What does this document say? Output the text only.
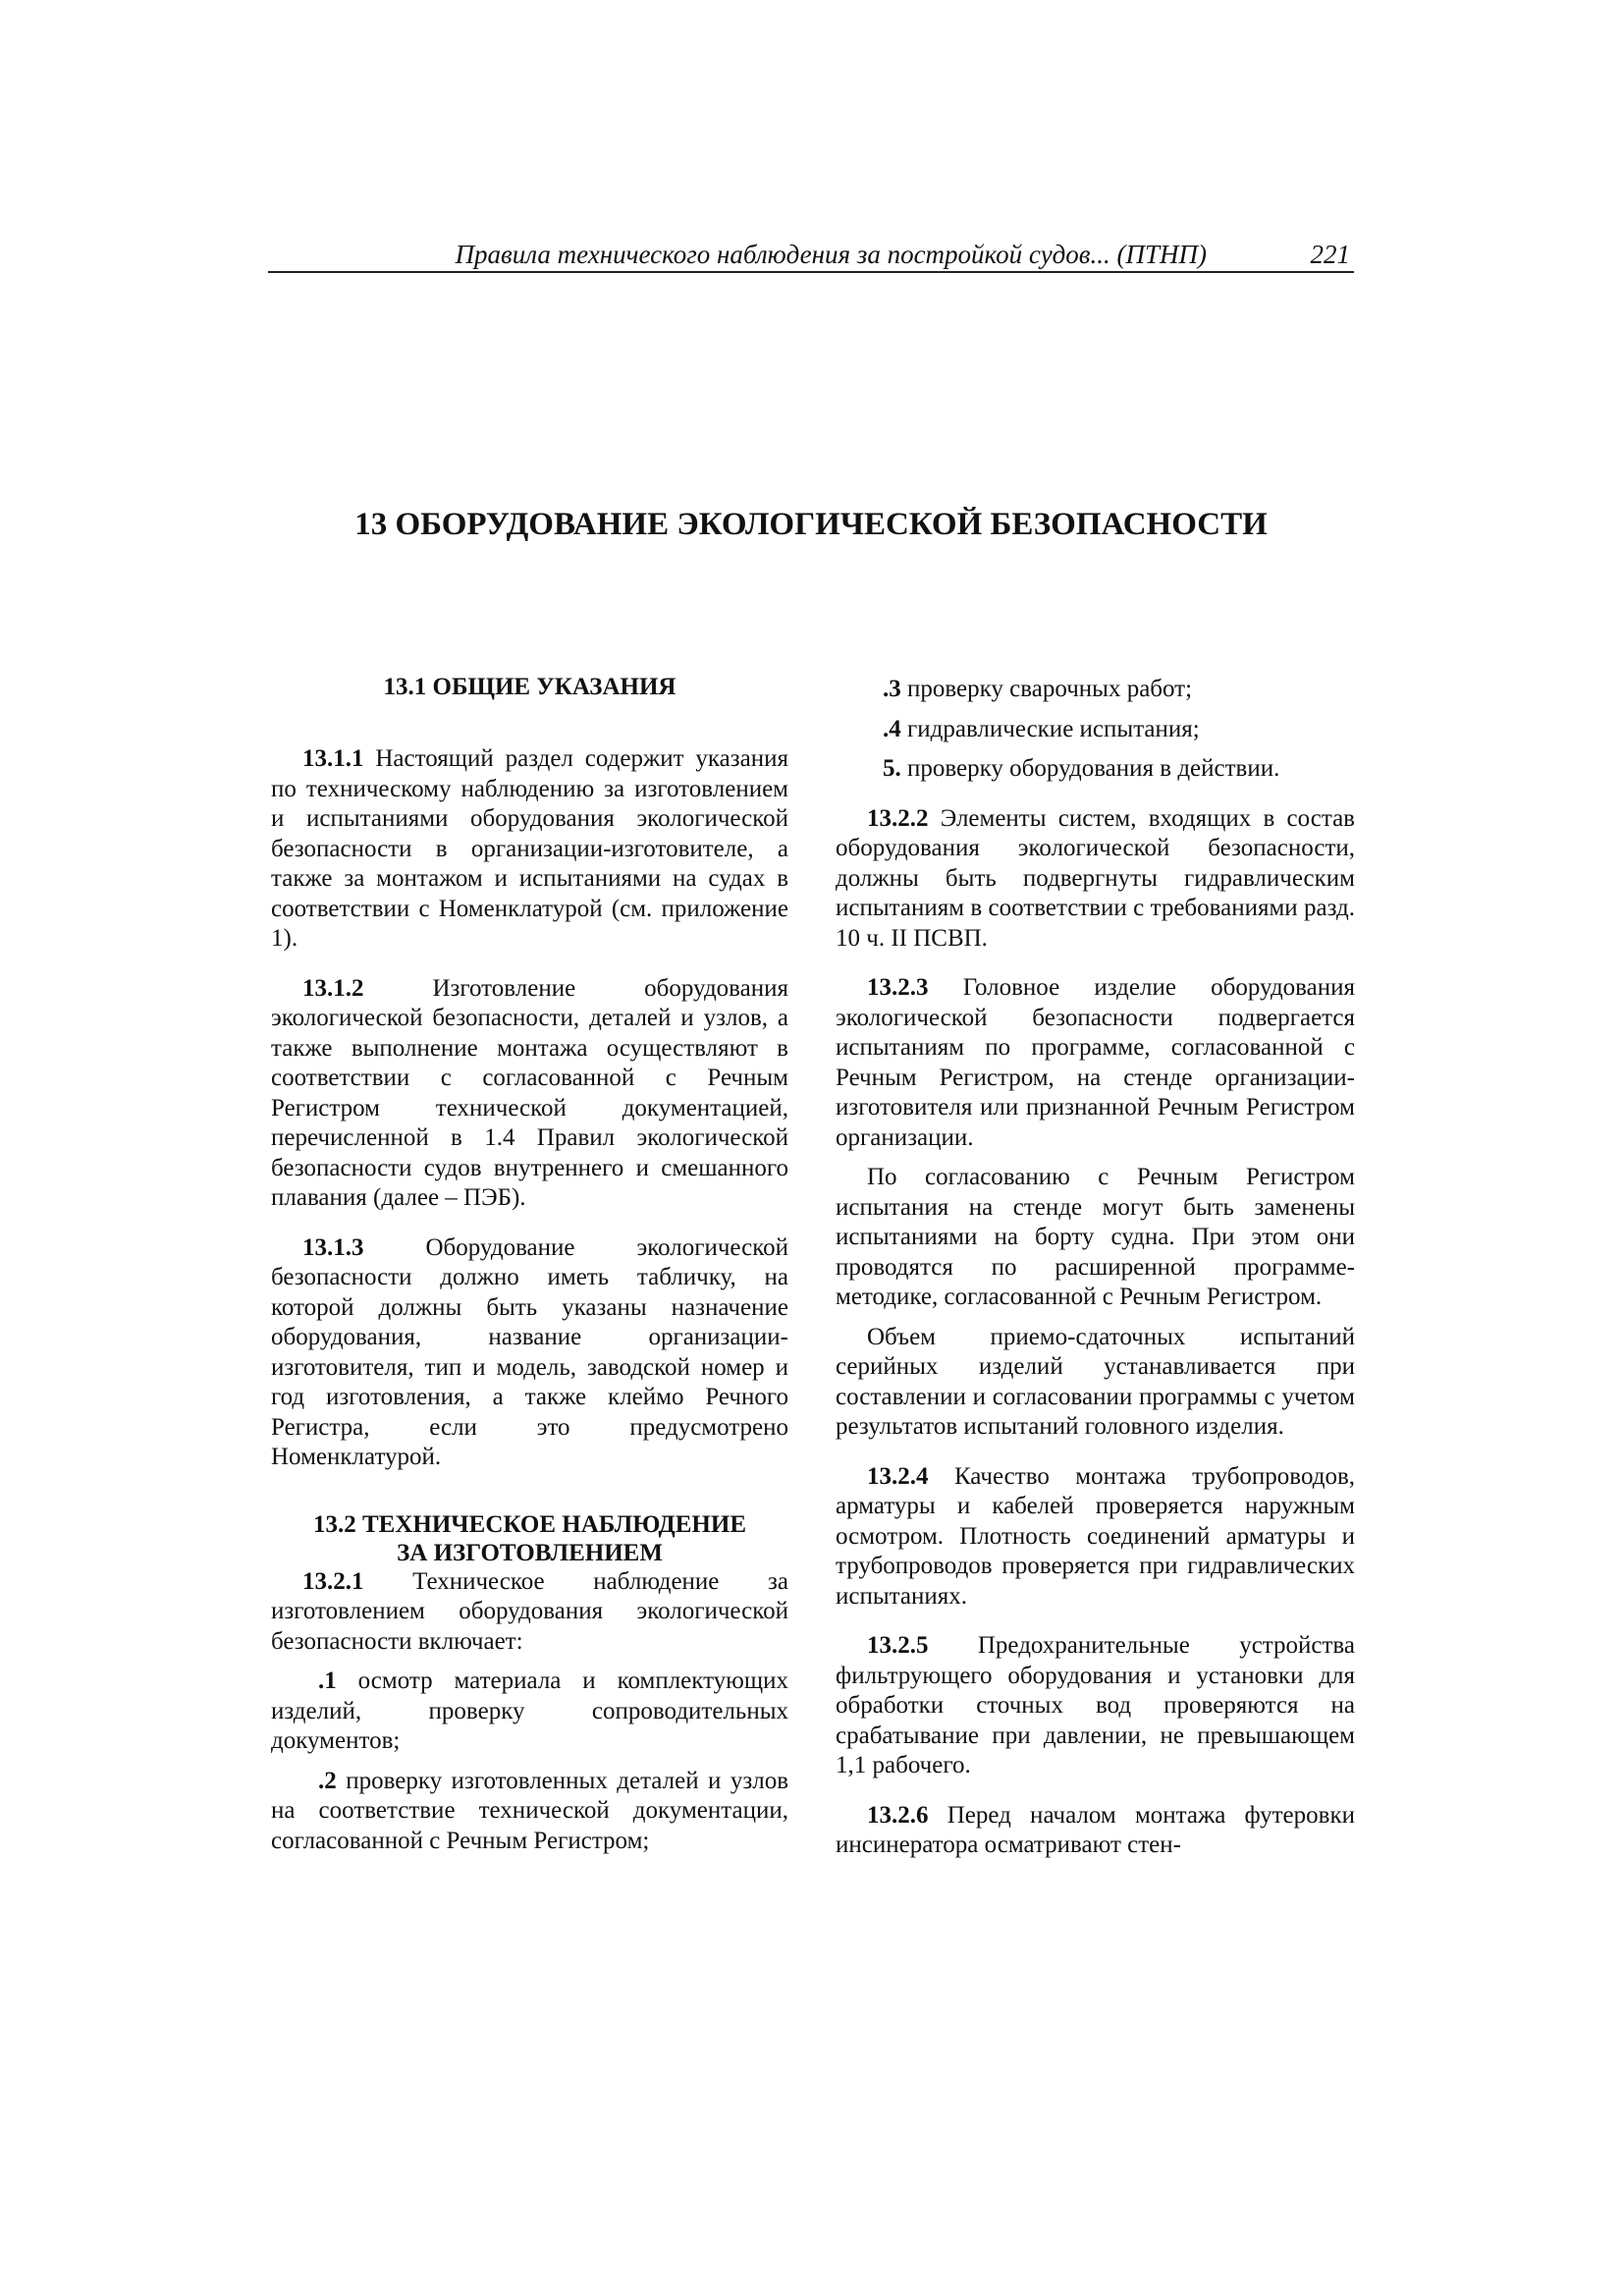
Правила технического наблюдения за постройкой судов... (ПТНП)	221
13 ОБОРУДОВАНИЕ ЭКОЛОГИЧЕСКОЙ БЕЗОПАСНОСТИ
13.1 ОБЩИЕ УКАЗАНИЯ

13.1.1 Настоящий раздел содержит указания по техническому наблюдению за изготовлением и испытаниями оборудования экологической безопасности в организации-изготовителе, а также за монтажом и испытаниями на судах в соответствии с Номенклатурой (см. приложение 1).

13.1.2 Изготовление оборудования экологической безопасности, деталей и узлов, а также выполнение монтажа осуществляют в соответствии с согласованной с Речным Регистром технической документацией, перечисленной в 1.4 Правил экологической безопасности судов внутреннего и смешанного плавания (далее – ПЭБ).

13.1.3 Оборудование экологической безопасности должно иметь табличку, на которой должны быть указаны назначение оборудования, название организации-изготовителя, тип и модель, заводской номер и год изготовления, а также клеймо Речного Регистра, если это предусмотрено Номенклатурой.

13.2 ТЕХНИЧЕСКОЕ НАБЛЮДЕНИЕ
ЗА ИЗГОТОВЛЕНИЕМ

13.2.1 Техническое наблюдение за изготовлением оборудования экологической безопасности включает:

.1 осмотр материала и комплектующих изделий, проверку сопроводительных документов;

.2 проверку изготовленных деталей и узлов на соответствие технической документации, согласованной с Речным Регистром;

.3 проверку сварочных работ;

.4 гидравлические испытания;

5. проверку оборудования в действии.

13.2.2 Элементы систем, входящих в состав оборудования экологической безопасности, должны быть подвергнуты гидравлическим испытаниям в соответствии с требованиями разд. 10 ч. II ПСВП.

13.2.3 Головное изделие оборудования экологической безопасности подвергается испытаниям по программе, согласованной с Речным Регистром, на стенде организации-изготовителя или признанной Речным Регистром организации.

По согласованию с Речным Регистром испытания на стенде могут быть заменены испытаниями на борту судна. При этом они проводятся по расширенной программе-методике, согласованной с Речным Регистром.

Объем приемо-сдаточных испытаний серийных изделий устанавливается при составлении и согласовании программы с учетом результатов испытаний головного изделия.

13.2.4 Качество монтажа трубопроводов, арматуры и кабелей проверяется наружным осмотром. Плотность соединений арматуры и трубопроводов проверяется при гидравлических испытаниях.

13.2.5 Предохранительные устройства фильтрующего оборудования и установки для обработки сточных вод проверяются на срабатывание при давлении, не превышающем 1,1 рабочего.

13.2.6 Перед началом монтажа футеровки инсинератора осматривают стен-
